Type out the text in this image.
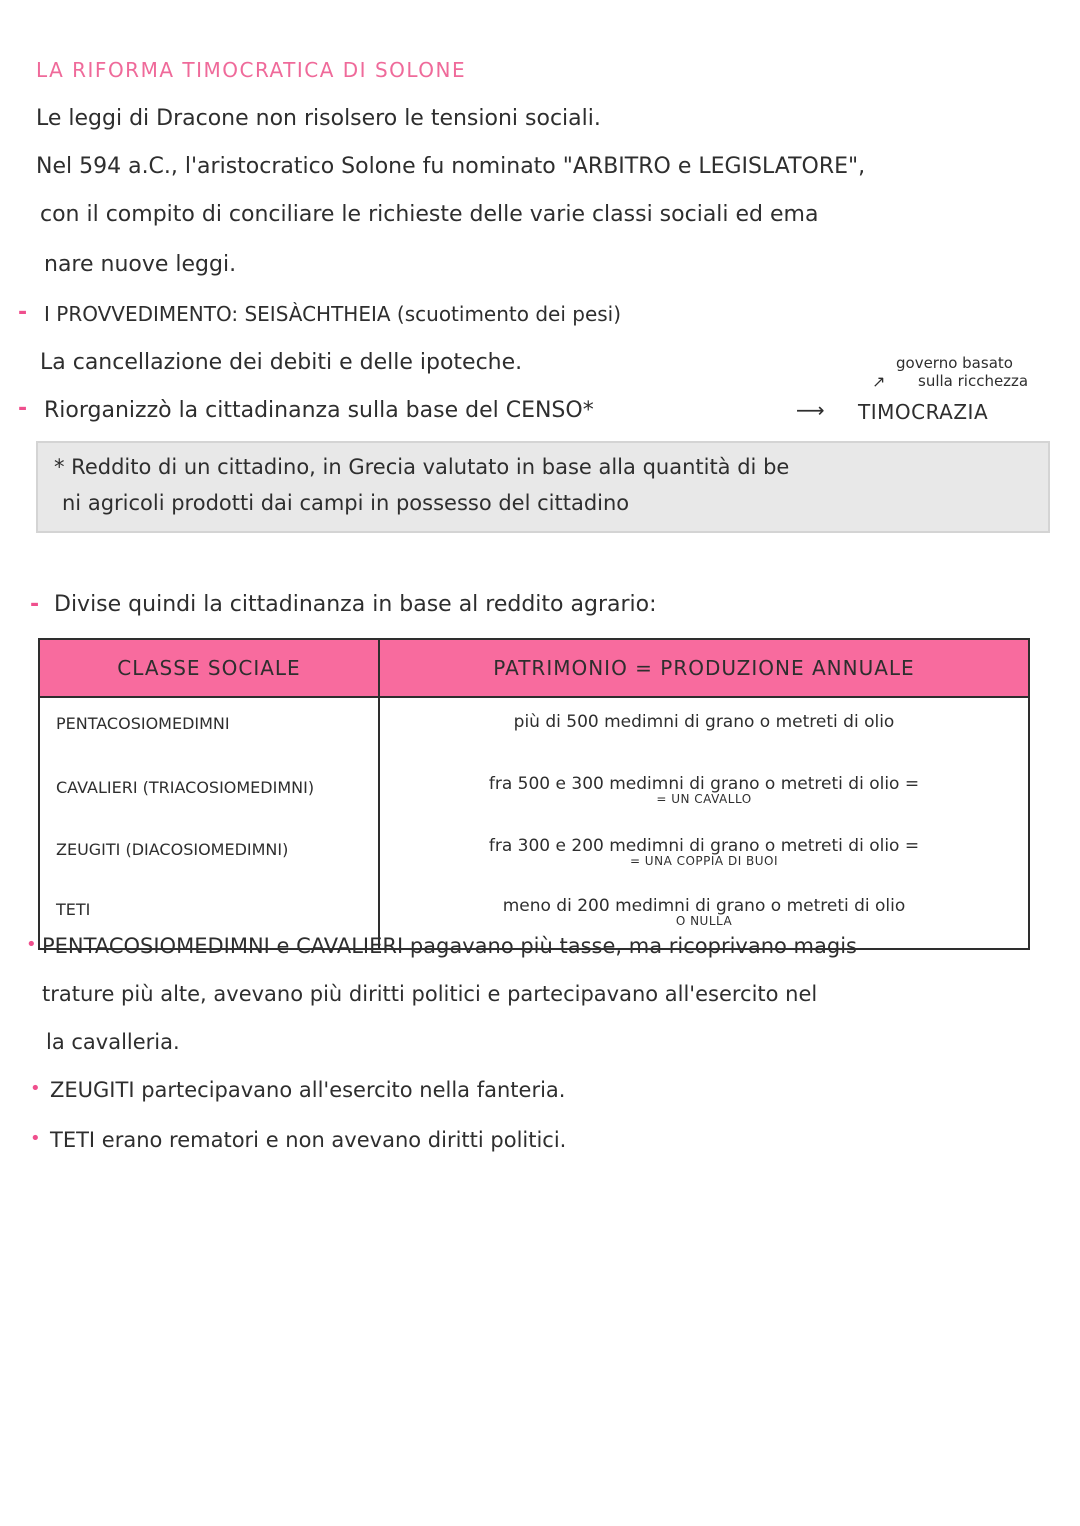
LA RIFORMA TIMOCRATICA DI SOLONE
Le leggi di Dracone non risolsero le tensioni sociali.
Nel 594 a.C., l'aristocratico Solone fu nominato "ARBITRO e LEGISLATORE",
con il compito di conciliare le richieste delle varie classi sociali ed ema
nare nuove leggi.
- I PROVVEDIMENTO: SEISÀCHTHEIA (scuotimento dei pesi)
La cancellazione dei debiti e delle ipoteche.	governo basato
sulla ricchezza
↗
- Riorganizzò la cittadinanza sulla base del CENSO*	⟶ TIMOCRAZIA
* Reddito di un cittadino, in Grecia valutato in base alla quantità di be
ni agricoli prodotti dai campi in possesso del cittadino
- Divise quindi la cittadinanza in base al reddito agrario:
CLASSE SOCIALE	PATRIMONIO = PRODUZIONE ANNUALE
PENTACOSIOMEDIMNI	più di 500 medimni di grano o metreti di olio
CAVALIERI (TRIACOSIOMEDIMNI)	fra 500 e 300 medimni di grano o metreti di olio =
= UN CAVALLO

ZEUGITI (DIACOSIOMEDIMNI)	fra 300 e 200 medimni di grano o metreti di olio =
= UNA COPPIA DI BUOI

TETI	meno di 200 medimni di grano o metreti di olio
O NULLA
• PENTACOSIOMEDIMNI e CAVALIERI pagavano più tasse, ma ricoprivano magis
trature più alte, avevano più diritti politici e partecipavano all'esercito nel
la cavalleria.
• ZEUGITI partecipavano all'esercito nella fanteria.
• TETI erano rematori e non avevano diritti politici.
